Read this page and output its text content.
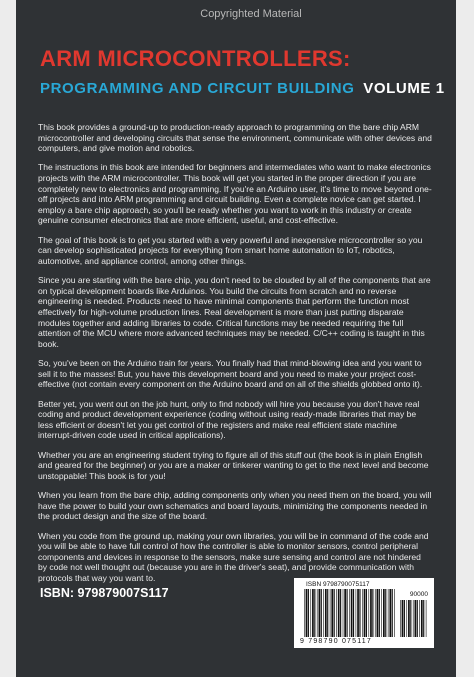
Copyrighted Material
ARM MICROCONTROLLERS:
PROGRAMMING AND CIRCUIT BUILDING VOLUME 1

This book provides a ground-up to production-ready approach to programming on the bare chip ARM microcontroller and developing circuits that sense the environment, communicate with other devices and computers, and give motion and robotics.

The instructions in this book are intended for beginners and intermediates who want to make electronics projects with the ARM microcontroller. This book will get you started in the proper direction if you are completely new to electronics and programming. If you're an Arduino user, it's time to move beyond one-off projects and into ARM programming and circuit building. Even a complete novice can get started. I employ a bare chip approach, so you'll be ready whether you want to work in this industry or create genuine consumer electronics that are more efficient, useful, and cost-effective.

The goal of this book is to get you started with a very powerful and inexpensive microcontroller so you can develop sophisticated projects for everything from smart home automation to IoT, robotics, automotive, and appliance control, among other things.

Since you are starting with the bare chip, you don't need to be clouded by all of the components that are on typical development boards like Arduinos. You build the circuits from scratch and no reverse engineering is needed. Products need to have minimal components that perform the function most effectively for high-volume production lines. Real development is more than just putting disparate modules together and adding libraries to code. Critical functions may be needed requiring the full attention of the MCU where more advanced techniques may be needed. C/C++ coding is taught in this book.

So, you've been on the Arduino train for years. You finally had that mind-blowing idea and you want to sell it to the masses! But, you have this development board and you need to make your project cost-effective (not contain every component on the Arduino board and on all of the shields globbed onto it).

Better yet, you went out on the job hunt, only to find nobody will hire you because you don't have real coding and product development experience (coding without using ready-made libraries that may be less efficient or doesn't let you get control of the registers and make real efficient state machine interrupt-driven code used in critical applications).

Whether you are an engineering student trying to figure all of this stuff out (the book is in plain English and geared for the beginner) or you are a maker or tinkerer wanting to get to the next level and become unstoppable! This book is for you!

When you learn from the bare chip, adding components only when you need them on the board, you will have the power to build your own schematics and board layouts, minimizing the components needed in the product design and the size of the board.

When you code from the ground up, making your own libraries, you will be in command of the code and you will be able to have full control of how the controller is able to monitor sensors, control peripheral components and devices in response to the sensors, make sure sensing and control are not hindered by code not well thought out (because you are in the driver's seat), and provide communication with protocols that way you want to.

ISBN: 979879007S117
ISBN 9798790075117
90000
9 798790 075117
